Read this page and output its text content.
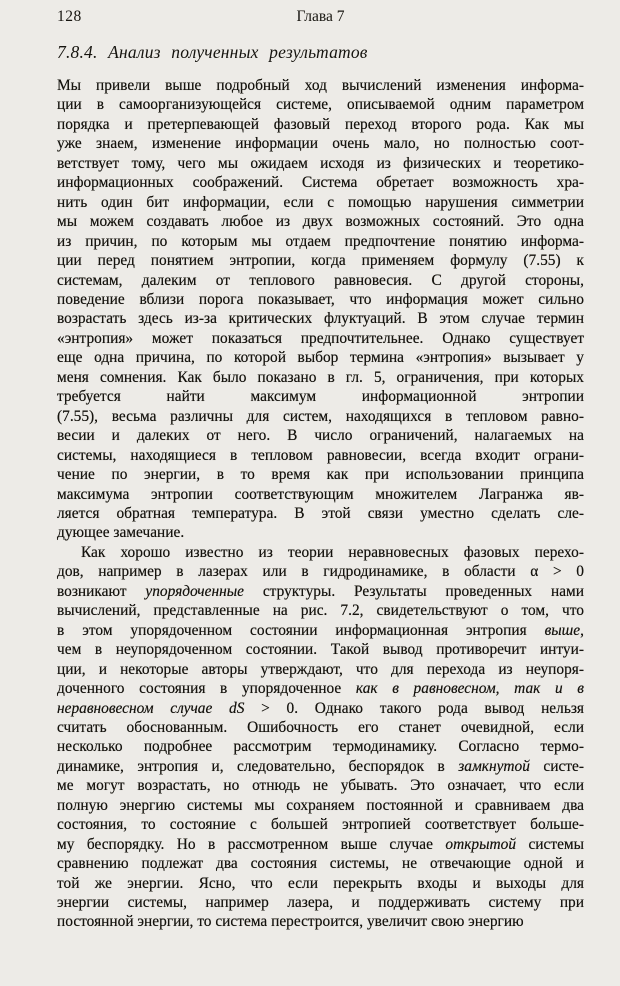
128	Глава 7
7.8.4. Анализ полученных результатов
Мы привели выше подробный ход вычислений изменения информа-
ции в самоорганизующейся системе, описываемой одним параметром
порядка и претерпевающей фазовый переход второго рода. Как мы
уже знаем, изменение информации очень мало, но полностью соот-
ветствует тому, чего мы ожидаем исходя из физических и теоретико-
информационных соображений. Система обретает возможность хра-
нить один бит информации, если с помощью нарушения симметрии
мы можем создавать любое из двух возможных состояний. Это одна
из причин, по которым мы отдаем предпочтение понятию информа-
ции перед понятием энтропии, когда применяем формулу (7.55) к
системам, далеким от теплового равновесия. С другой стороны,
поведение вблизи порога показывает, что информация может сильно
возрастать здесь из-за критических флуктуаций. В этом случае термин
«энтропия» может показаться предпочтительнее. Однако существует
еще одна причина, по которой выбор термина «энтропия» вызывает у
меня сомнения. Как было показано в гл. 5, ограничения, при которых
требуется найти максимум информационной энтропии
(7.55), весьма различны для систем, находящихся в тепловом равно-
весии и далеких от него. В число ограничений, налагаемых на
системы, находящиеся в тепловом равновесии, всегда входит ограни-
чение по энергии, в то время как при использовании принципа
максимума энтропии соответствующим множителем Лагранжа яв-
ляется обратная температура. В этой связи уместно сделать сле-
дующее замечание.
Как хорошо известно из теории неравновесных фазовых перехо-
дов, например в лазерах или в гидродинамике, в области α > 0
возникают упорядоченные структуры. Результаты проведенных нами
вычислений, представленные на рис. 7.2, свидетельствуют о том, что
в этом упорядоченном состоянии информационная энтропия выше,
чем в неупорядоченном состоянии. Такой вывод противоречит интуи-
ции, и некоторые авторы утверждают, что для перехода из неупоря-
доченного состояния в упорядоченное как в равновесном, так и в
неравновесном случае dS > 0. Однако такого рода вывод нельзя
считать обоснованным. Ошибочность его станет очевидной, если
несколько подробнее рассмотрим термодинамику. Согласно термо-
динамике, энтропия и, следовательно, беспорядок в замкнутой систе-
ме могут возрастать, но отнюдь не убывать. Это означает, что если
полную энергию системы мы сохраняем постоянной и сравниваем два
состояния, то состояние с большей энтропией соответствует больше-
му беспорядку. Но в рассмотренном выше случае открытой системы
сравнению подлежат два состояния системы, не отвечающие одной и
той же энергии. Ясно, что если перекрыть входы и выходы для
энергии системы, например лазера, и поддерживать систему при
постоянной энергии, то система перестроится, увеличит свою энергию
